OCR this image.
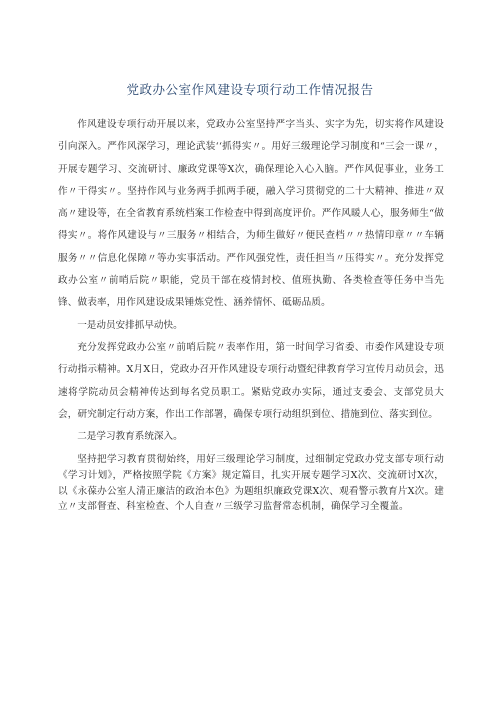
党政办公室作风建设专项行动工作情况报告

作风建设专项行动开展以来，党政办公室坚持严字当头、实字为先，切实将作风建设引向深入。严作风深学习，理论武装‘‘抓得实〃。用好三级理论学习制度和“三会一课〃，开展专题学习、交流研讨、廉政党课等X次，确保理论入心入脑。严作风促事业，业务工作〃干得实〃。坚持作风与业务两手抓两手硬，融入学习贯彻党的二十大精神、推进〃双高〃建设等，在全省教育系统档案工作检查中得到高度评价。严作风暖人心，服务师生“做得实〃。将作风建设与〃三服务〃相结合，为师生做好〃便民查档〃〃热情印章〃〃车辆服务〃〃信息化保障〃等办实事活动。严作风强党性，责任担当〃压得实〃。充分发挥党政办公室〃前哨后院〃职能，党员干部在疫情封校、值班执勤、各类检查等任务中当先锋、做表率，用作风建设成果锤炼党性、涵养情怀、砥砺品质。

一是动员安排抓早动快。

充分发挥党政办公室〃前哨后院〃表率作用，第一时间学习省委、市委作风建设专项行动指示精神。X月X日，党政办召开作风建设专项行动暨纪律教育学习宣传月动员会，迅速将学院动员会精神传达到每名党员职工。紧贴党政办实际，通过支委会、支部党员大会，研究制定行动方案，作出工作部署，确保专项行动组织到位、措施到位、落实到位。

二是学习教育系统深入。

坚持把学习教育贯彻始终，用好三级理论学习制度，过细制定党政办党支部专项行动《学习计划》，严格按照学院《方案》规定篇目，扎实开展专题学习X次、交流研讨X次，以《永葆办公室人清正廉洁的政治本色》为题组织廉政党课X次、观看警示教育片X次。建立〃支部督查、科室检查、个人自查〃三级学习监督常态机制，确保学习全覆盖。
